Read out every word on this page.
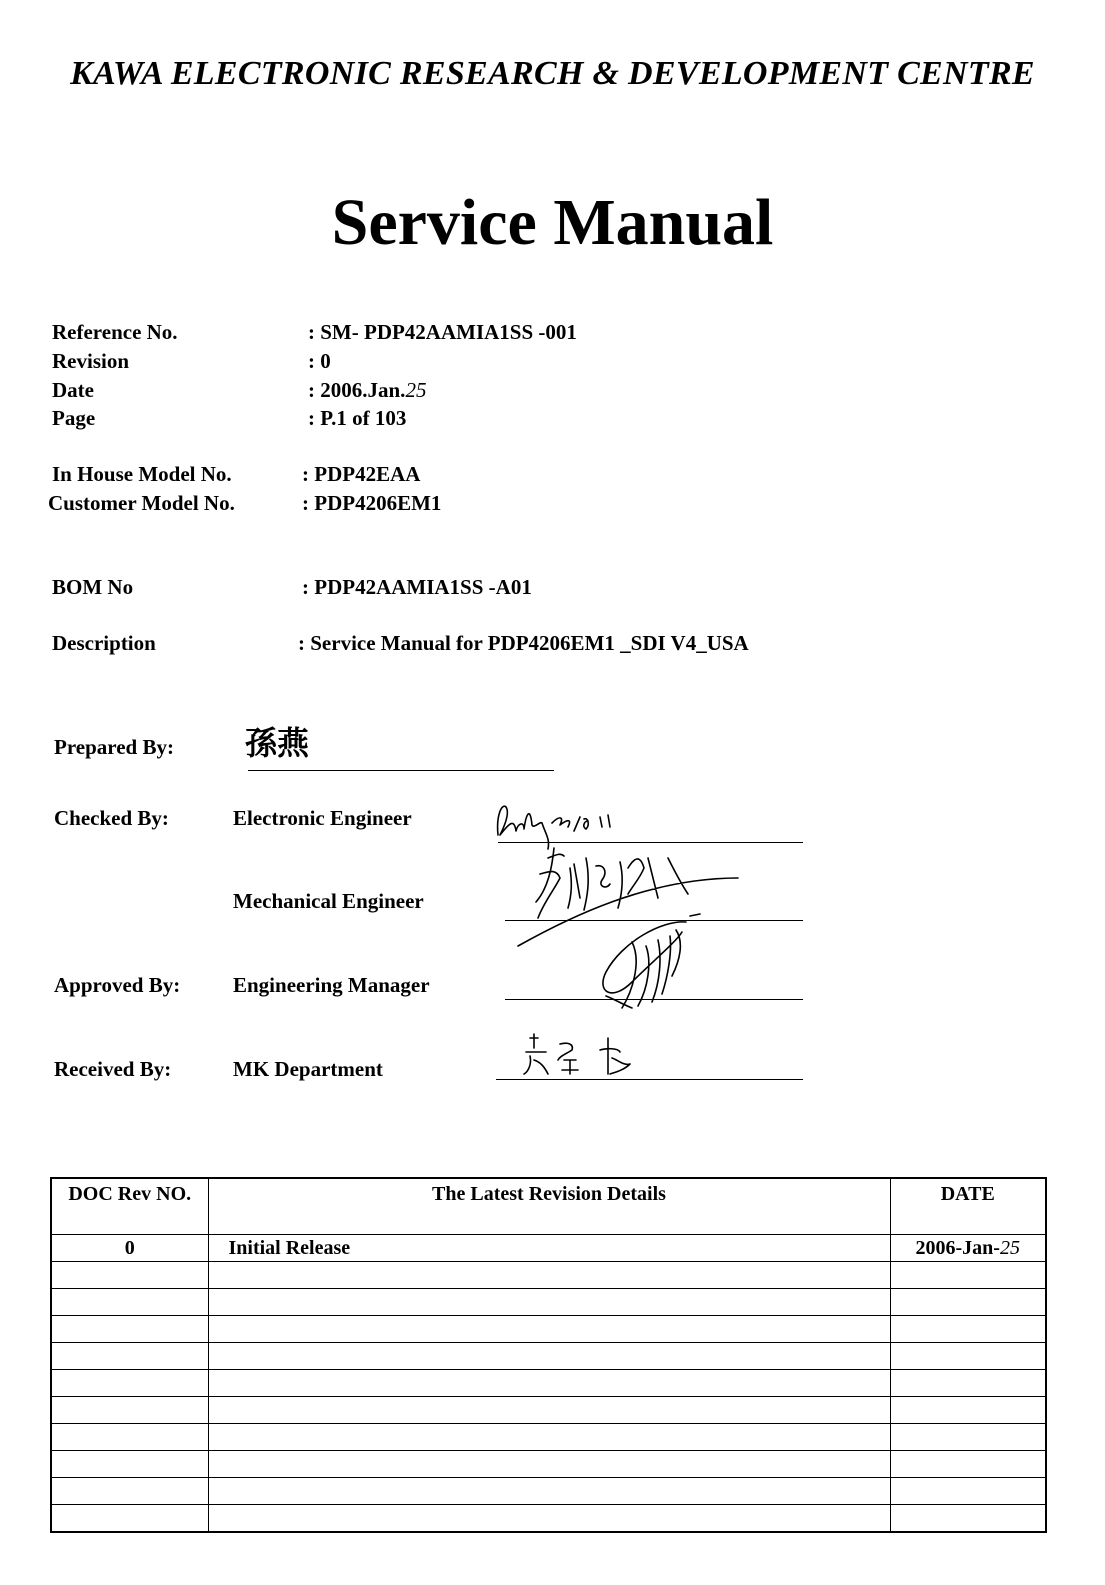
KAWA ELECTRONIC RESEARCH & DEVELOPMENT CENTRE
Service Manual
Reference No.	: SM- PDP42AAMIA1SS -001
Revision	: 0
Date	: 2006.Jan.25
Page	: P.1 of 103
In House Model No.	: PDP42EAA
Customer Model No.	: PDP4206EM1
BOM No	: PDP42AAMIA1SS -A01
Description	: Service Manual for PDP4206EM1 _SDI V4_USA
Prepared By: 孫燕
Checked By:	Electronic Engineer
Mechanical Engineer
Approved By:	Engineering Manager
Received By:	MK Department
DOC Rev NO.	The Latest Revision Details	DATE
0	Initial Release	2006-Jan-25
